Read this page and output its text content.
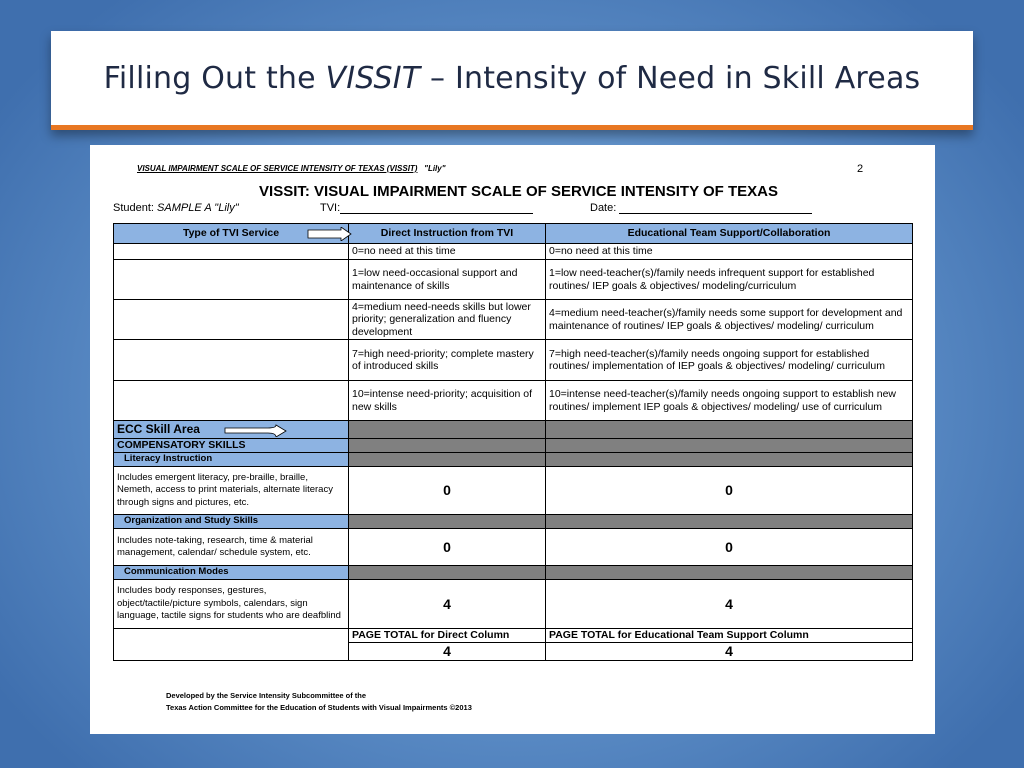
Filling Out the VISSIT – Intensity of Need in Skill Areas
VISUAL IMPAIRMENT SCALE OF SERVICE INTENSITY OF TEXAS (VISSIT) "Lily"	2
VISSIT: VISUAL IMPAIRMENT SCALE OF SERVICE INTENSITY OF TEXAS
Student: SAMPLE A "Lily"	TVI:	Date:
Type of TVI Service	Direct Instruction from TVI	Educational Team Support/Collaboration
	0=no need at this time	0=no need at this time
	1=low need-occasional support and maintenance of skills	1=low need-teacher(s)/family needs infrequent support for established routines/ IEP goals & objectives/ modeling/curriculum
	4=medium need-needs skills but lower priority; generalization and fluency development	4=medium need-teacher(s)/family needs some support for development and maintenance of routines/ IEP goals & objectives/ modeling/ curriculum
	7=high need-priority; complete mastery of introduced skills	7=high need-teacher(s)/family needs ongoing support for established routines/ implementation of IEP goals & objectives/ modeling/ curriculum
	10=intense need-priority; acquisition of new skills	10=intense need-teacher(s)/family needs ongoing support to establish new routines/ implement IEP goals & objectives/ modeling/ use of curriculum
ECC Skill Area

COMPENSATORY SKILLS		
Literacy Instruction		
Includes emergent literacy, pre-braille, braille, Nemeth, access to print materials, alternate literacy through signs and pictures, etc.	0	0
Organization and Study Skills		
Includes note-taking, research, time & material management, calendar/ schedule system, etc.	0	0
Communication Modes		
Includes body responses, gestures, object/tactile/picture symbols, calendars, sign language, tactile signs for students who are deafblind	4	4
	PAGE TOTAL for Direct Column	PAGE TOTAL for Educational Team Support Column
	4	4
Developed by the Service Intensity Subcommittee of the
Texas Action Committee for the Education of Students with Visual Impairments ©2013
